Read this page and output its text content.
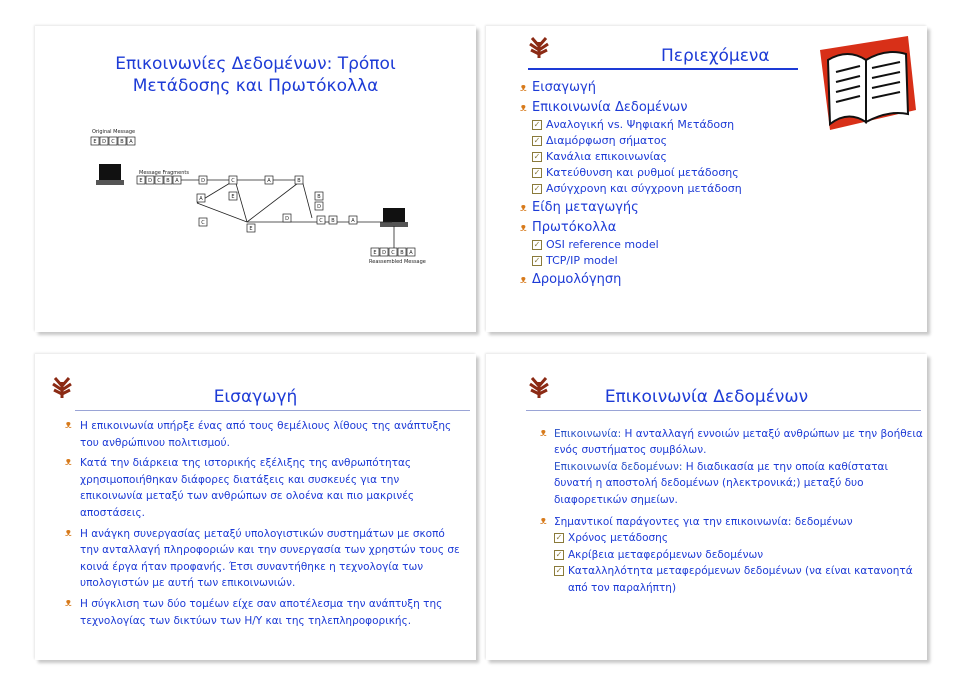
Επικοινωνίες Δεδομένων: Τρόποι
Μετάδοσης και Πρωτόκολλα
Original Message
Message Fragments
Reassembled Message
E D C B A
E D C B A	D	C	A	B
A	E
C
E
D
B
D
C B	A
E D C B A
Περιεχόμενα
ᴥ Εισαγωγή
ᴥ Επικοινωνία Δεδομένων
✓ Αναλογική vs. Ψηφιακή Μετάδοση
✓ Διαμόρφωση σήματος
✓ Κανάλια επικοινωνίας
✓ Κατεύθυνση και ρυθμοί μετάδοσης
✓ Ασύγχρονη και σύγχρονη μετάδοση
ᴥ Είδη μεταγωγής
ᴥ Πρωτόκολλα
✓ OSI reference model
✓ TCP/IP model
ᴥ Δρομολόγηση
Εισαγωγή
ᴥ Η επικοινωνία υπήρξε ένας από τους θεμέλιους λίθους της ανάπτυξης του ανθρώπινου πολιτισμού.
ᴥ Κατά την διάρκεια της ιστορικής εξέλιξης της ανθρωπότητας χρησιμοποιήθηκαν διάφορες διατάξεις και συσκευές για την επικοινωνία μεταξύ των ανθρώπων σε ολοένα και πιο μακρινές αποστάσεις.
ᴥ Η ανάγκη συνεργασίας μεταξύ υπολογιστικών συστημάτων με σκοπό την ανταλλαγή πληροφοριών και την συνεργασία των χρηστών τους σε κοινά έργα ήταν προφανής. Έτσι συναντήθηκε η τεχνολογία των υπολογιστών με αυτή των επικοινωνιών.
ᴥ Η σύγκλιση των δύο τομέων είχε σαν αποτέλεσμα την ανάπτυξη της τεχνολογίας των δικτύων των Η/Υ και της τηλεπληροφορικής.
Επικοινωνία Δεδομένων
ᴥ Επικοινωνία: Η ανταλλαγή εννοιών μεταξύ ανθρώπων με την βοήθεια ενός συστήματος συμβόλων.
Επικοινωνία δεδομένων: Η διαδικασία με την οποία καθίσταται δυνατή η αποστολή δεδομένων (ηλεκτρονικά;) μεταξύ δυο διαφορετικών σημείων.
ᴥ Σημαντικοί παράγοντες για την επικοινωνία: δεδομένων
✓ Χρόνος μετάδοσης
✓ Ακρίβεια μεταφερόμενων δεδομένων
✓ Καταλληλότητα μεταφερόμενων δεδομένων (να είναι κατανοητά από τον παραλήπτη)
